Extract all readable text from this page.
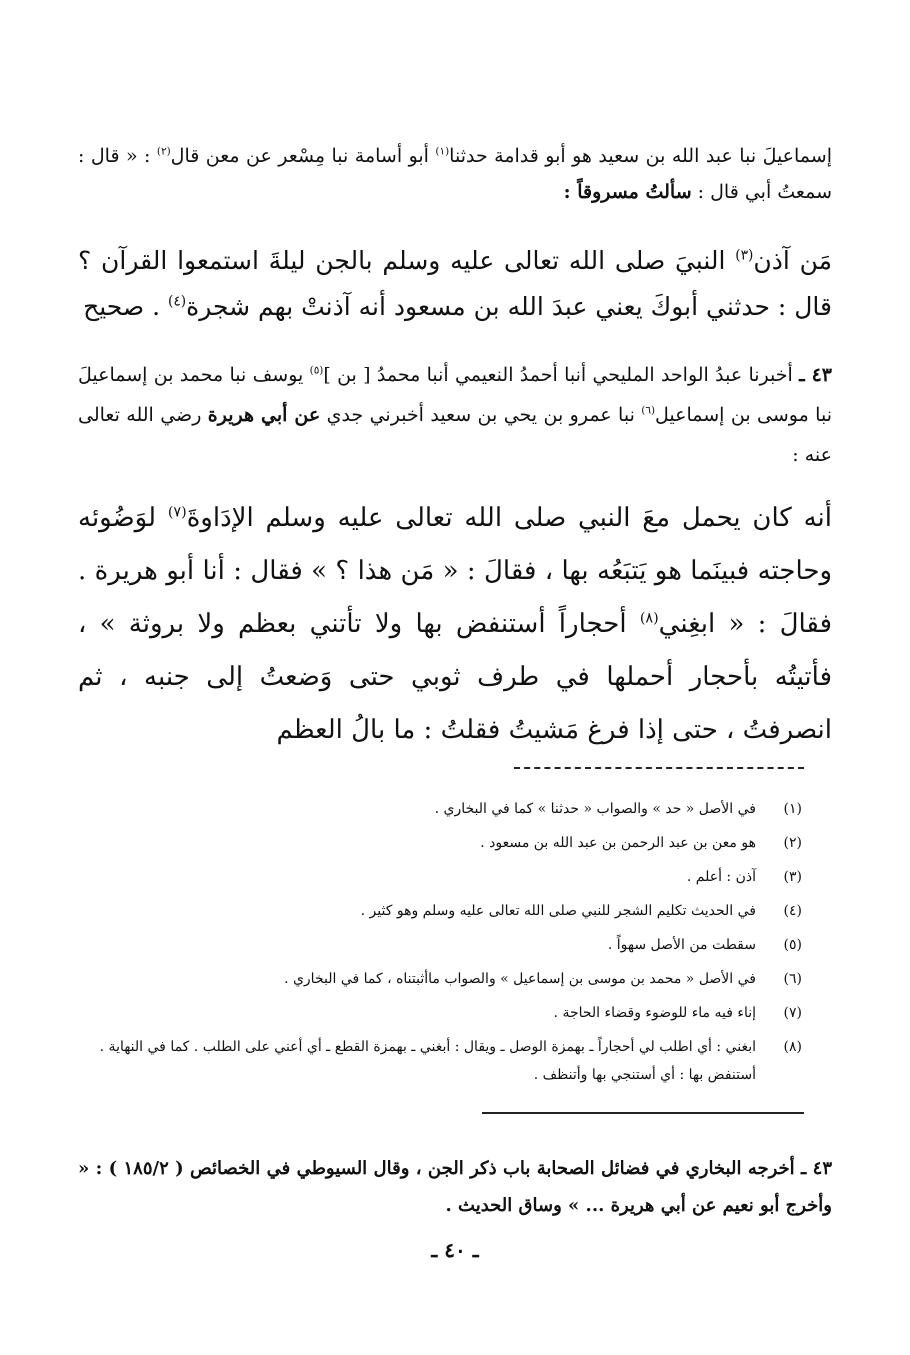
إسماعيلَ نبا عبد الله بن سعيد هو أبو قدامة حدثنا$^{(١)}$ أبو أسامة نبا مِسْعر عن معن قال$^{(٢)}$ : « قال : سمعتُ أبي قال : سألتُ مسروقاً :
مَن آذن$^{(٣)}$ النبيَ صلى الله تعالى عليه وسلم بالجن ليلةَ استمعوا القرآن ؟ قال : حدثني أبوكَ يعني عبدَ الله بن مسعود أنه آذنتْ بهم شجرة$^{(٤)}$ . صحيح
٤٣ ـ أخبرنا عبدُ الواحد المليحي أنبا أحمدُ النعيمي أنبا محمدُ [ بن ]$^{(٥)}$ يوسف نبا محمد بن إسماعيلَ نبا موسى بن إسماعيل$^{(٦)}$ نبا عمرو بن يحي بن سعيد أخبرني جدي عن أبي هريرة رضي الله تعالى عنه :
أنه كان يحمل معَ النبي صلى الله تعالى عليه وسلم الإدَاوةَ$^{(٧)}$ لوَضُوئه وحاجته فبينَما هو يَتبَعُه بها ، فقالَ : « مَن هذا ؟ » فقال : أنا أبو هريرة . فقالَ : « ابغِني$^{(٨)}$ أحجاراً أستنفض بها ولا تأتني بعظم ولا بروثة » ، فأتيتُه بأحجار أحملها في طرف ثوبي حتى وَضعتُ إلى جنبه ، ثم انصرفتُ ، حتى إذا فرغ مَشيتُ فقلتُ : ما بالُ العظم
(١)
في الأصل « حد » والصواب « حدثنا » كما في البخاري .
(٢)
هو معن بن عبد الرحمن بن عبد الله بن مسعود .
(٣)
آذن : أعلم .
(٤)
في الحديث تكليم الشجر للنبي صلى الله تعالى عليه وسلم وهو كثير .
(٥)
سقطت من الأصل سهواً .
(٦)
في الأصل « محمد بن موسى بن إسماعيل » والصواب ماأثبتناه ، كما في البخاري .
(٧)
إناء فيه ماء للوضوء وقضاء الحاجة .
(٨)
ابغني : أي اطلب لي أحجاراً ـ بهمزة الوصل ـ ويقال : أبغني ـ بهمزة القطع ـ أي أعني على الطلب . كما في النهاية . أستنفض بها : أي أستنجي بها وأتنظف .
٤٣ ـ أخرجه البخاري في فضائل الصحابة باب ذكر الجن ، وقال السيوطي في الخصائص ( ١٨٥/٢ ) : « وأخرج أبو نعيم عن أبي هريرة ... » وساق الحديث .
ـ ٤٠ ـ
